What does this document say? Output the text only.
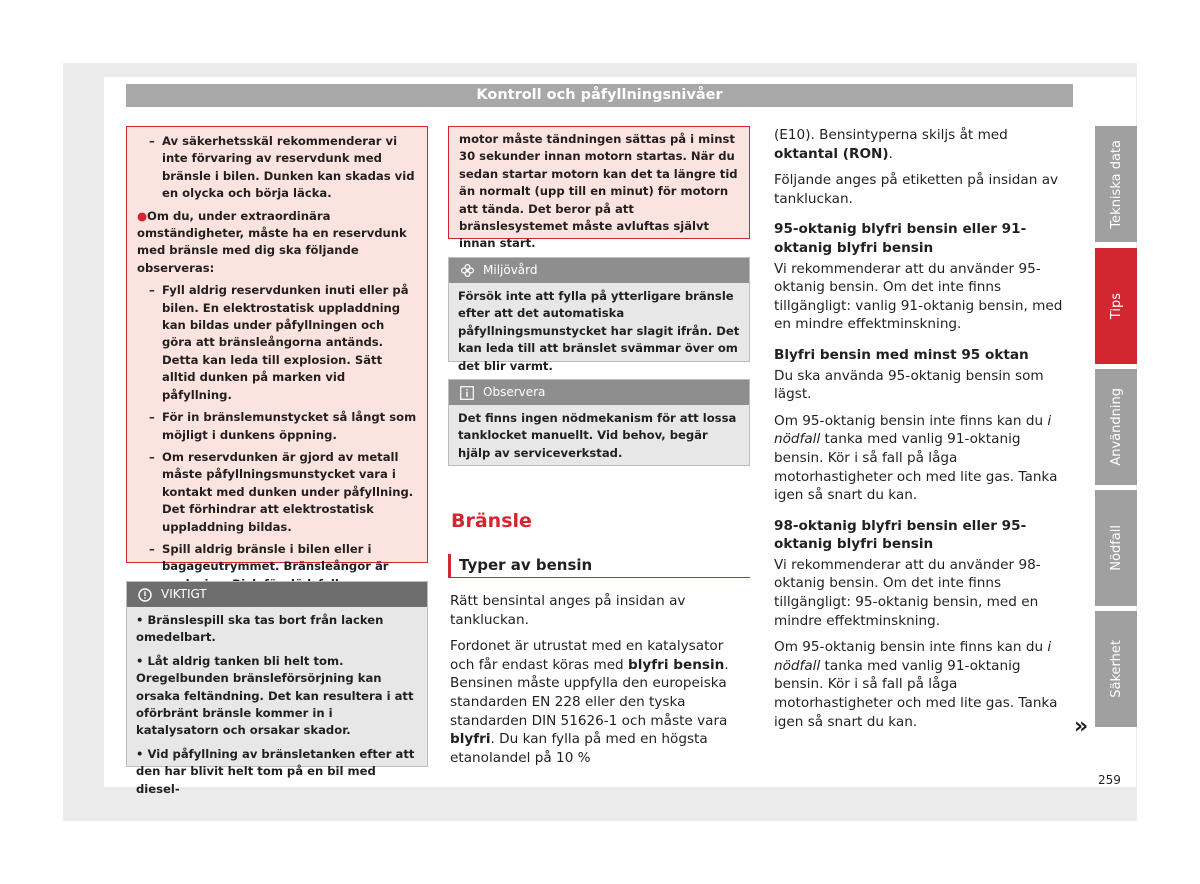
Kontroll och påfyllningsnivåer

– Av säkerhetsskäl rekommenderar vi inte förvaring av reservdunk med bränsle i bilen. Dunken kan skadas vid en olycka och börja läcka.

● Om du, under extraordinära omständigheter, måste ha en reservdunk med bränsle med dig ska följande observeras:

– Fyll aldrig reservdunken inuti eller på bilen. En elektrostatisk uppladdning kan bildas under påfyllningen och göra att bränsleångorna antänds. Detta kan leda till explosion. Sätt alltid dunken på marken vid påfyllning.

– För in bränslemunstycket så långt som möjligt i dunkens öppning.

– Om reservdunken är gjord av metall måste påfyllningsmunstycket vara i kontakt med dunken under påfyllning. Det förhindrar att elektrostatisk uppladdning bildas.

– Spill aldrig bränsle i bilen eller i bagageutrymmet. Bränsleångor är

VIKTIGT

• Bränslespill ska tas bort från lacken omedelbart.

• Låt aldrig tanken bli helt tom. Oregelbunden bränsleförsörjning kan orsaka feltändning. Det kan resultera i att oförbränt bränsle kommer in i katalysatorn och orsakar skador.

• Vid påfyllning av bränsletanken efter att den har blivit helt tom på en bil med diesel-

motor måste tändningen sättas på i minst 30 sekunder innan motorn startas. När du sedan startar motorn kan det ta längre tid än normalt (upp till en minut) för motorn att tända. Det beror på att bränslesystemet måste avluftas självt innan start.

Miljövård

Försök inte att fylla på ytterligare bränsle efter att det automatiska påfyllningsmunstycket har slagit ifrån. Det kan leda till att bränslet svämmar över om det blir varmt.

Observera

Det finns ingen nödmekanism för att lossa tanklocket manuellt. Vid behov, begär hjälp av serviceverkstad.

Bränsle
Typer av bensin

Rätt bensintal anges på insidan av tankluckan.

Fordonet är utrustat med en katalysator och får endast köras med blyfri bensin. Bensinen måste uppfylla den europeiska standarden EN 228 eller den tyska standarden DIN 51626-1 och måste vara blyfri. Du kan fylla på med en högsta etanolandel på 10 %

(E10). Bensintyperna skiljs åt med oktantal (RON).

Följande anges på etiketten på insidan av tankluckan.

95-oktanig blyfri bensin eller 91-oktanig blyfri bensin

Vi rekommenderar att du använder 95-oktanig bensin. Om det inte finns tillgängligt: vanlig 91-oktanig bensin, med en mindre effektminskning.

Blyfri bensin med minst 95 oktan

Du ska använda 95-oktanig bensin som lägst.

Om 95-oktanig bensin inte finns kan du i nödfall tanka med vanlig 91-oktanig bensin. Kör i så fall på låga motorhastigheter och med lite gas. Tanka igen så snart du kan.

98-oktanig blyfri bensin eller 95-oktanig blyfri bensin

Vi rekommenderar att du använder 98-oktanig bensin. Om det inte finns tillgängligt: 95-oktanig bensin, med en mindre effektminskning.

Om 95-oktanig bensin inte finns kan du i nödfall tanka med vanlig 91-oktanig bensin. Kör i så fall på låga motorhastigheter och med lite gas. Tanka igen så snart du kan.	»
Tekniska data
Tips
Användning
Nödfall
Säkerhet
259
